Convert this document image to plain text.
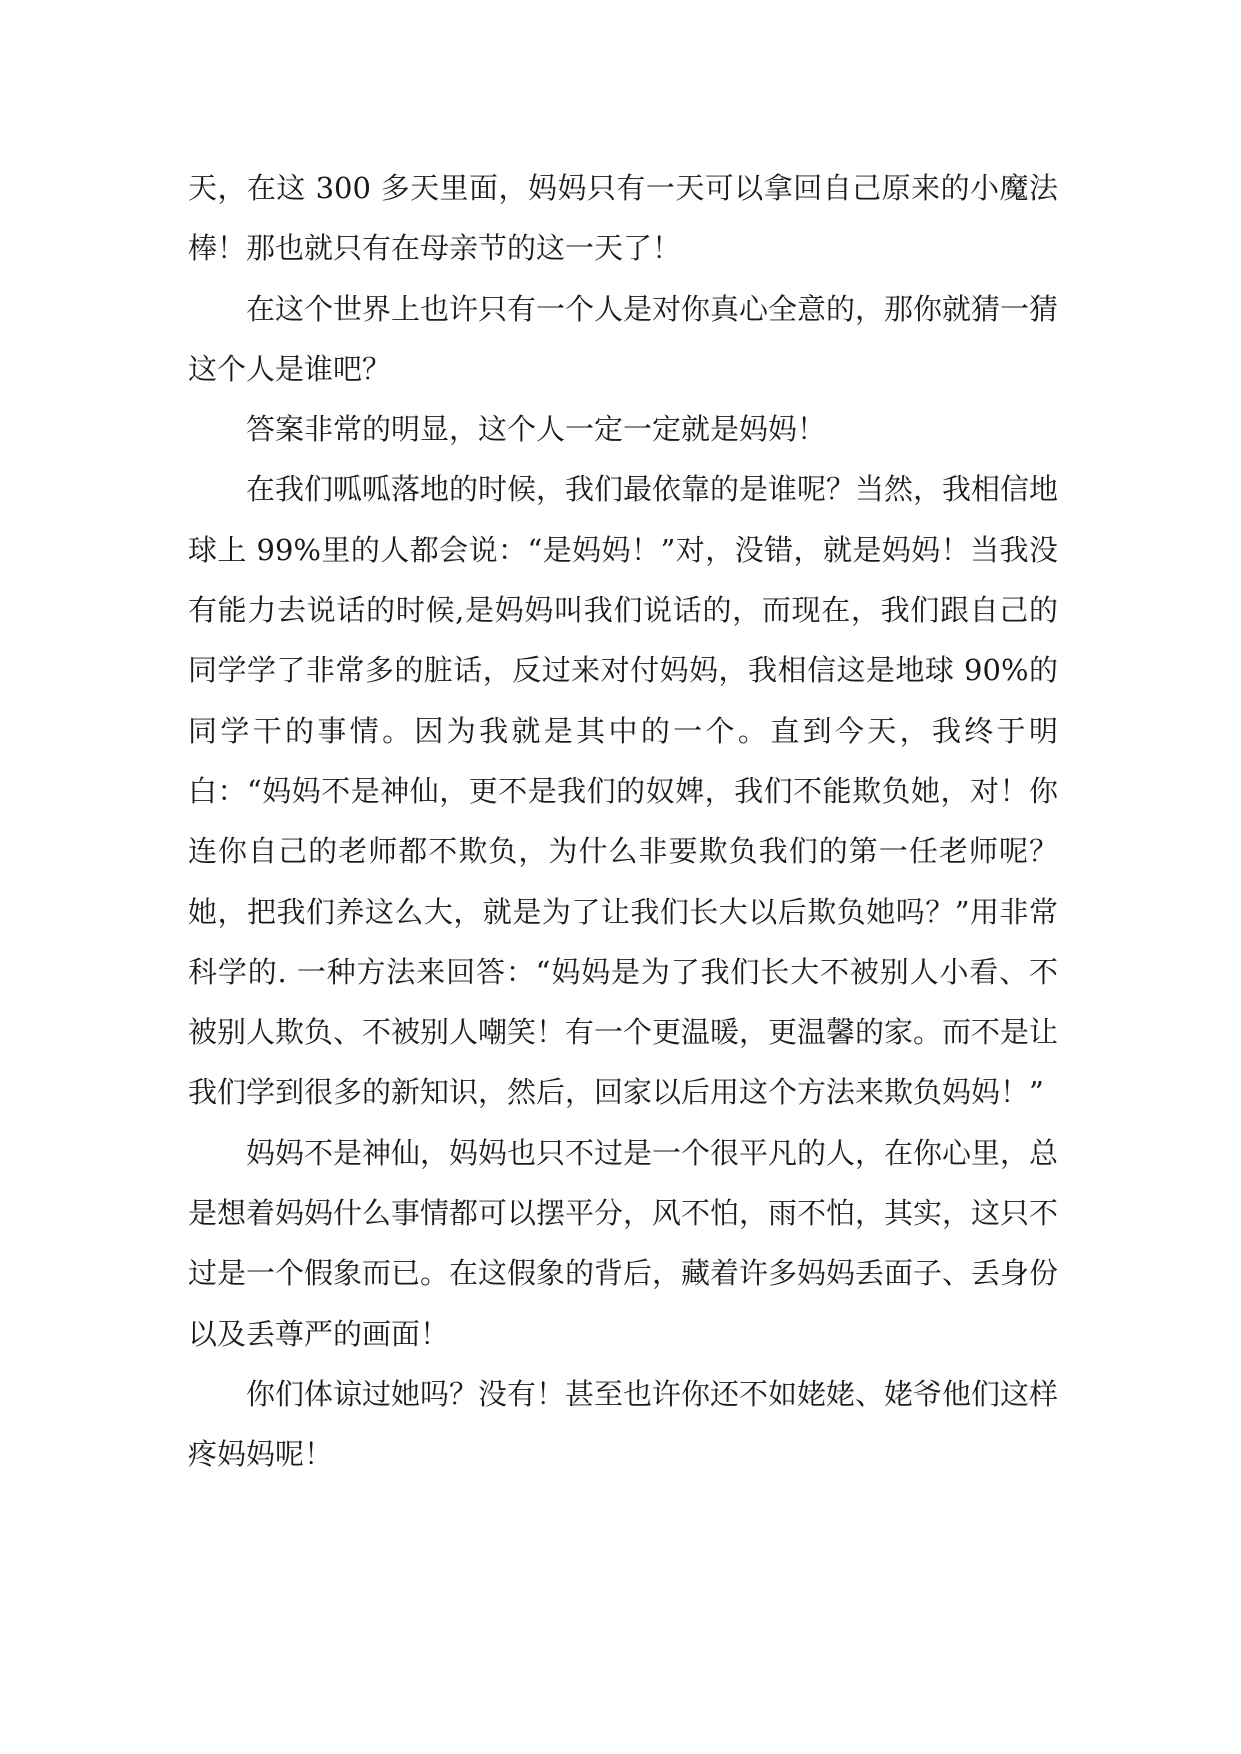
天，在这 300 多天里面，妈妈只有一天可以拿回自己原来的小魔法棒！那也就只有在母亲节的这一天了！

在这个世界上也许只有一个人是对你真心全意的，那你就猜一猜这个人是谁吧？

答案非常的明显，这个人一定一定就是妈妈！

在我们呱呱落地的时候，我们最依靠的是谁呢？当然，我相信地球上 99%里的人都会说：“是妈妈！”对，没错，就是妈妈！当我没有能力去说话的时候,是妈妈叫我们说话的，而现在，我们跟自己的同学学了非常多的脏话，反过来对付妈妈，我相信这是地球 90%的同学干的事情。因为我就是其中的一个。直到今天，我终于明白：“妈妈不是神仙，更不是我们的奴婢，我们不能欺负她，对！你连你自己的老师都不欺负，为什么非要欺负我们的第一任老师呢？她，把我们养这么大，就是为了让我们长大以后欺负她吗？”用非常科学的. 一种方法来回答：“妈妈是为了我们长大不被别人小看、不被别人欺负、不被别人嘲笑！有一个更温暖，更温馨的家。而不是让我们学到很多的新知识，然后，回家以后用这个方法来欺负妈妈！”

妈妈不是神仙，妈妈也只不过是一个很平凡的人，在你心里，总是想着妈妈什么事情都可以摆平分，风不怕，雨不怕，其实，这只不过是一个假象而已。在这假象的背后，藏着许多妈妈丢面子、丢身份以及丢尊严的画面！

你们体谅过她吗？没有！甚至也许你还不如姥姥、姥爷他们这样疼妈妈呢！
